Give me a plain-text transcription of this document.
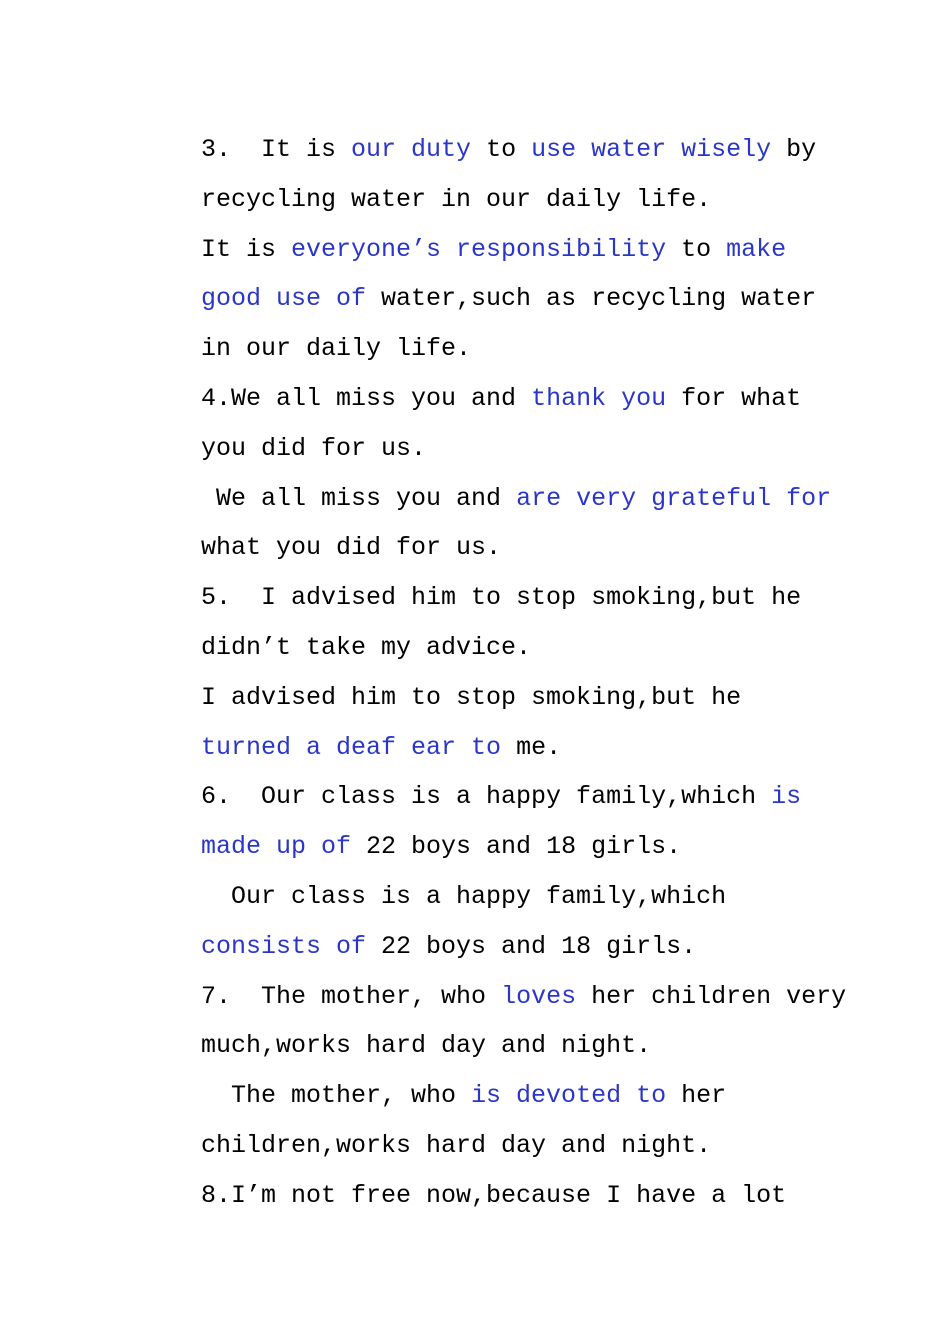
3.  It is our duty to use water wisely by
recycling water in our daily life.
It is everyone’s responsibility to make
good use of water,such as recycling water
in our daily life.
4.We all miss you and thank you for what
you did for us.
We all miss you and are very grateful for
what you did for us.
5.  I advised him to stop smoking,but he
didn’t take my advice.
I advised him to stop smoking,but he
turned a deaf ear to me.
6.  Our class is a happy family,which is
made up of 22 boys and 18 girls.
Our class is a happy family,which
consists of 22 boys and 18 girls.
7.  The mother, who loves her children very
much,works hard day and night.
The mother, who is devoted to her
children,works hard day and night.
8.I’m not free now,because I have a lot
